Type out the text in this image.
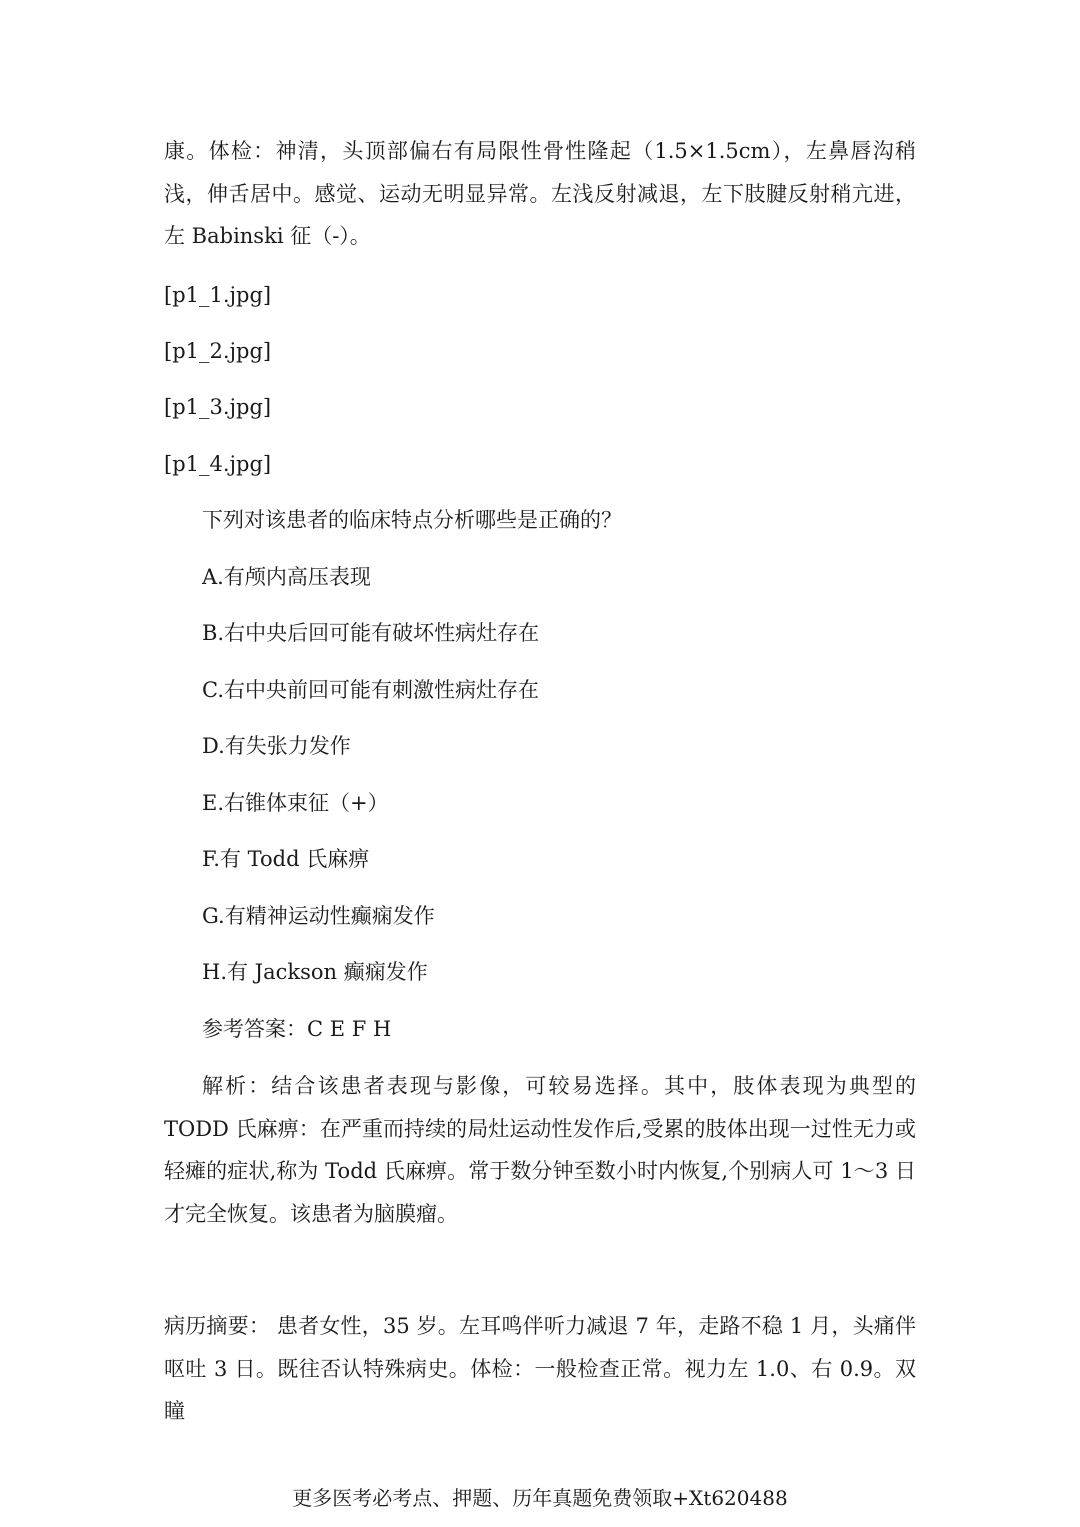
康。体检：神清，头顶部偏右有局限性骨性隆起（1.5×1.5cm），左鼻唇沟稍浅，伸舌居中。感觉、运动无明显异常。左浅反射减退，左下肢腱反射稍亢进，左 Babinski 征（-）。
[p1_1.jpg]
[p1_2.jpg]
[p1_3.jpg]
[p1_4.jpg]
下列对该患者的临床特点分析哪些是正确的？
A.有颅内高压表现
B.右中央后回可能有破坏性病灶存在
C.右中央前回可能有刺激性病灶存在
D.有失张力发作
E.右锥体束征（+）
F.有 Todd 氏麻痹
G.有精神运动性癫痫发作
H.有 Jackson 癫痫发作
参考答案：C E F H
解析：结合该患者表现与影像，可较易选择。其中，肢体表现为典型的 TODD 氏麻痹：在严重而持续的局灶运动性发作后,受累的肢体出现一过性无力或轻瘫的症状,称为 Todd 氏麻痹。常于数分钟至数小时内恢复,个别病人可 1～3 日才完全恢复。该患者为脑膜瘤。
病历摘要： 患者女性，35 岁。左耳鸣伴听力减退 7 年，走路不稳 1 月，头痛伴呕吐 3 日。既往否认特殊病史。体检：一般检查正常。视力左 1.0、右 0.9。双瞳
更多医考必考点、押题、历年真题免费领取+Xt620488
